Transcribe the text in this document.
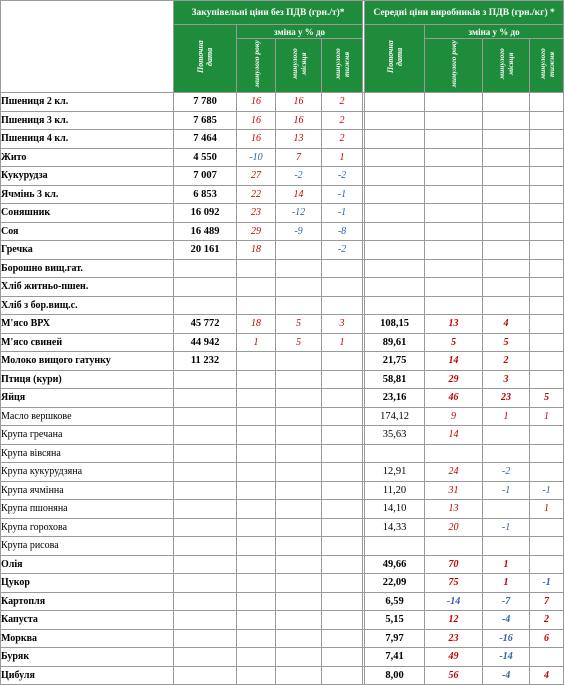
	Закупівельні ціни без ПДВ (грн./т)*					Середні ціни виробників з ПДВ (грн./кг) *			
	Поточна дата	зміна у % до				Поточна дата	зміна у % до		
		минулого року	минулого місяця	минулого тижня			минулого року	минулого місяця	минулого тижня
Пшениця 2 кл.	7 780	16	16	2					
Пшениця 3 кл.	7 685	16	16	2					
Пшениця 4 кл.	7 464	16	13	2					
Жито	4 550	-10	7	1					
Кукурудза	7 007	27	-2	-2					
Ячмінь 3 кл.	6 853	22	14	-1					
Соняшник	16 092	23	-12	-1					
Соя	16 489	29	-9	-8					
Гречка	20 161	18		-2					
Борошно вищ.гат.									
Хліб житньо-пшен.									
Хліб з бор.вищ.с.									
М'ясо ВРХ	45 772	18	5	3		108,15	13	4	
М'ясо свиней	44 942	1	5	1		89,61	5	5	
Молоко вищого гатунку	11 232					21,75	14	2	
Птиця (кури)						58,81	29	3	
Яйця						23,16	46	23	5
Масло вершкове						174,12	9	1	1
Крупа гречана						35,63	14		
Крупа вівсяна									
Крупа кукурудзяна						12,91	24	-2	
Крупа ячмінна						11,20	31	-1	-1
Крупа пшоняна						14,10	13		1
Крупа горохова						14,33	20	-1	
Крупа рисова									
Олія						49,66	70	1	
Цукор						22,09	75	1	-1
Картопля						6,59	-14	-7	7
Капуста						5,15	12	-4	2
Морква						7,97	23	-16	6
Буряк						7,41	49	-14	
Цибуля						8,00	56	-4	4
